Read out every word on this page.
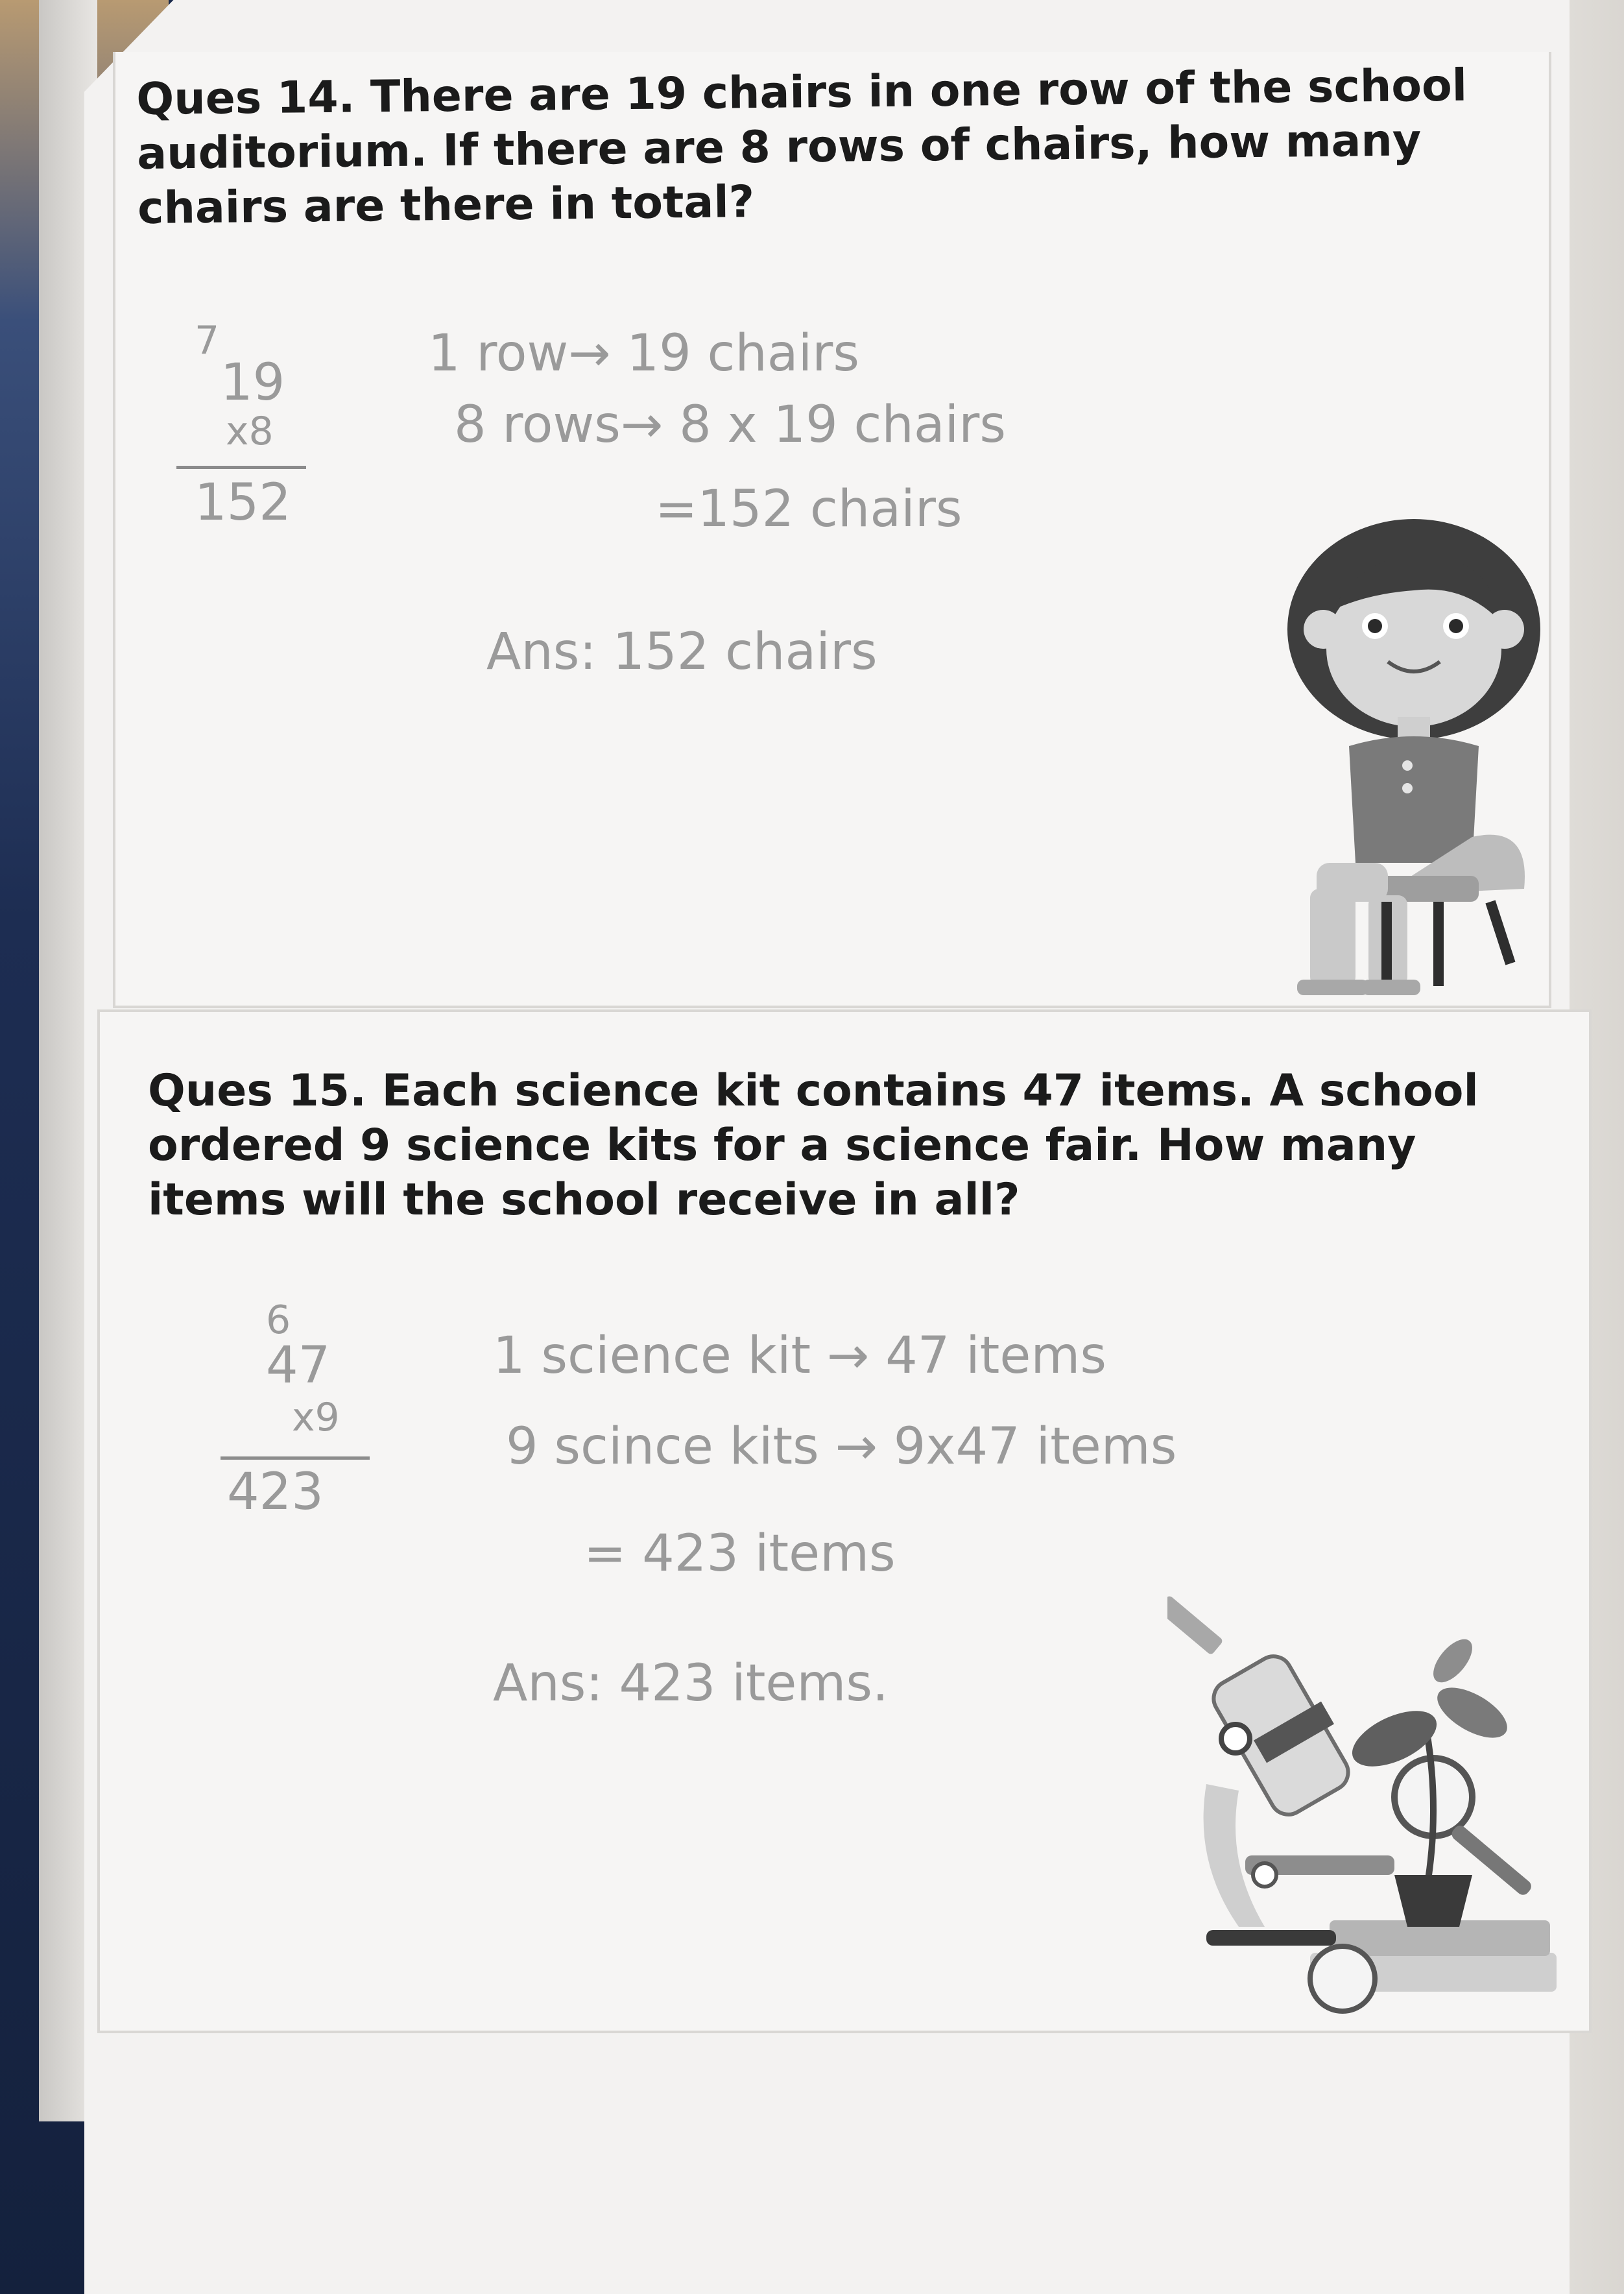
Ques 14. There are 19 chairs in one row of the school auditorium. If there are 8 rows of chairs, how many chairs are there in total?

7
19
x8
152
1 row→ 19 chairs
8 rows→ 8 x 19 chairs
=152 chairs
Ans: 152 chairs

Ques 15. Each science kit contains 47 items. A school ordered 9 science kits for a science fair. How many items will the school receive in all?

6
47
x9
423
1 science kit → 47 items
9 scince kits → 9x47 items
= 423 items
Ans: 423 items.
